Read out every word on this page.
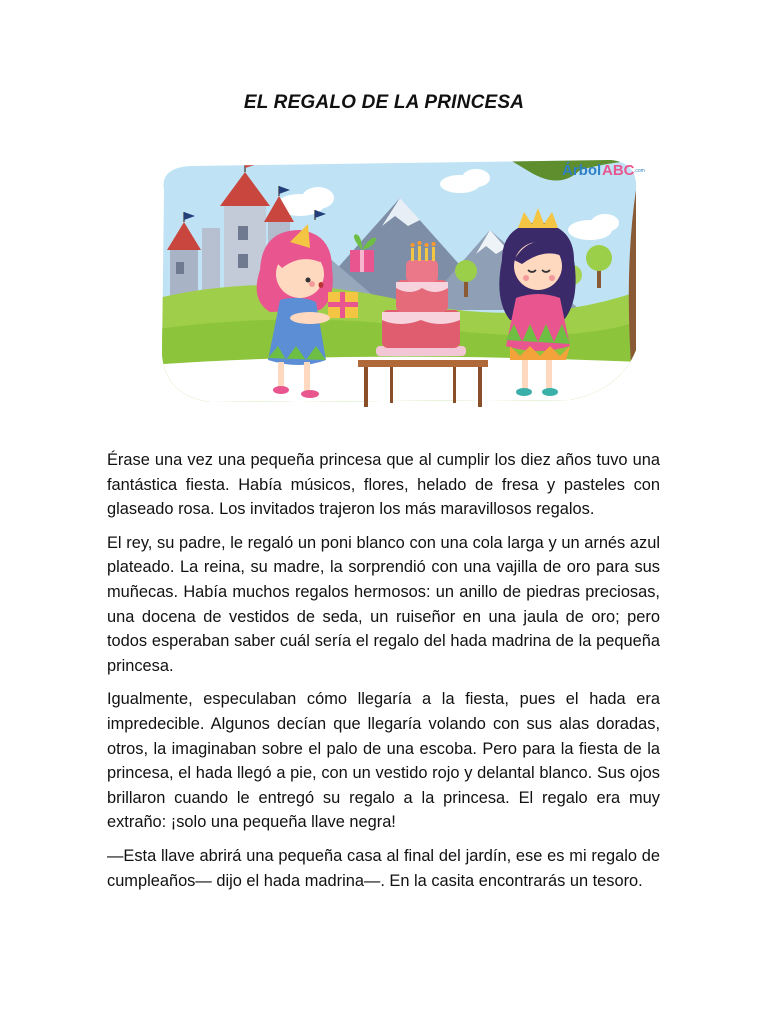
EL REGALO DE LA PRINCESA
Árbol ABC .com

Érase una vez una pequeña princesa que al cumplir los diez años tuvo una fantástica fiesta. Había músicos, flores, helado de fresa y pasteles con glaseado rosa. Los invitados trajeron los más maravillosos regalos.

El rey, su padre, le regaló un poni blanco con una cola larga y un arnés azul plateado. La reina, su madre, la sorprendió con una vajilla de oro para sus muñecas. Había muchos regalos hermosos: un anillo de piedras preciosas, una docena de vestidos de seda, un ruiseñor en una jaula de oro; pero todos esperaban saber cuál sería el regalo del hada madrina de la pequeña princesa.

Igualmente, especulaban cómo llegaría a la fiesta, pues el hada era impredecible. Algunos decían que llegaría volando con sus alas doradas, otros, la imaginaban sobre el palo de una escoba. Pero para la fiesta de la princesa, el hada llegó a pie, con un vestido rojo y delantal blanco. Sus ojos brillaron cuando le entregó su regalo a la princesa. El regalo era muy extraño: ¡solo una pequeña llave negra!

—Esta llave abrirá una pequeña casa al final del jardín, ese es mi regalo de cumpleaños— dijo el hada madrina—. En la casita encontrarás un tesoro.
